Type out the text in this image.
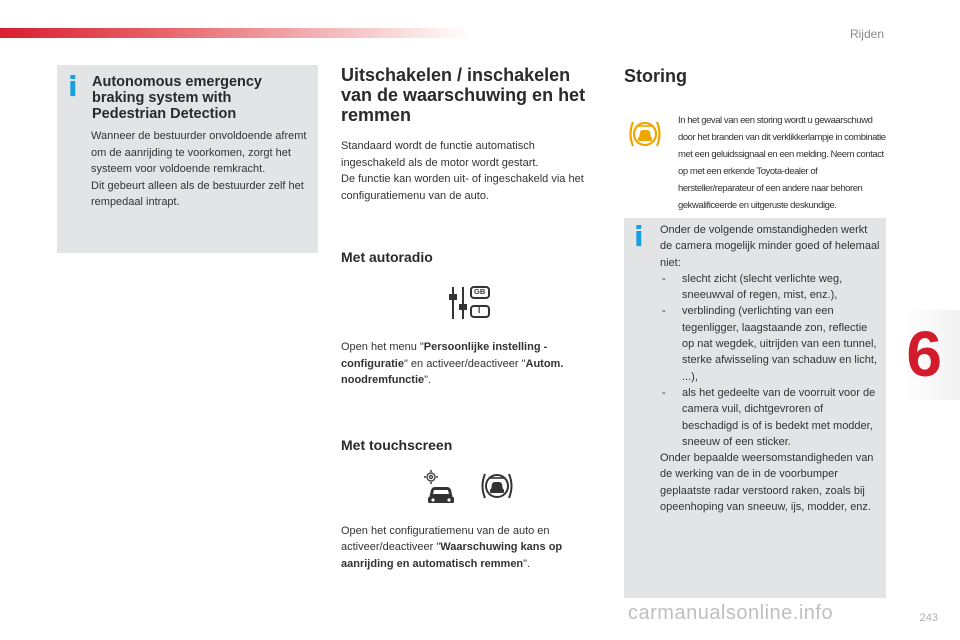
Rijden
6
i Autonomous emergency braking system with Pedestrian Detection
Wanneer de bestuurder onvoldoende afremt om de aanrijding te voorkomen, zorgt het systeem voor voldoende remkracht.
Dit gebeurt alleen als de bestuurder zelf het rempedaal intrapt.
Uitschakelen / inschakelen van de waarschuwing en het remmen
Standaard wordt de functie automatisch ingeschakeld als de motor wordt gestart.
De functie kan worden uit- of ingeschakeld via het configuratiemenu van de auto.
Met autoradio
GB
I
Open het menu "Persoonlijke instelling - configuratie" en activeer/deactiveer "Autom. noodremfunctie".
Met touchscreen
Open het configuratiemenu van de auto en activeer/deactiveer "Waarschuwing kans op aanrijding en automatisch remmen".
Storing
In het geval van een storing wordt u gewaarschuwd door het branden van dit verklikkerlampje in combinatie met een geluidssignaal en een melding. Neem contact op met een erkende Toyota-dealer of hersteller/reparateur of een andere naar behoren gekwalificeerde en uitgeruste deskundige.
i Onder de volgende omstandigheden werkt de camera mogelijk minder goed of helemaal niet:
- slecht zicht (slecht verlichte weg, sneeuwval of regen, mist, enz.),
- verblinding (verlichting van een tegenligger, laagstaande zon, reflectie op nat wegdek, uitrijden van een tunnel, sterke afwisseling van schaduw en licht, ...),
- als het gedeelte van de voorruit voor de camera vuil, dichtgevroren of beschadigd is of is bedekt met modder, sneeuw of een sticker.
Onder bepaalde weersomstandigheden van de werking van de in de voorbumper geplaatste radar verstoord raken, zoals bij opeenhoping van sneeuw, ijs, modder, enz.
carmanualsonline.info	243
